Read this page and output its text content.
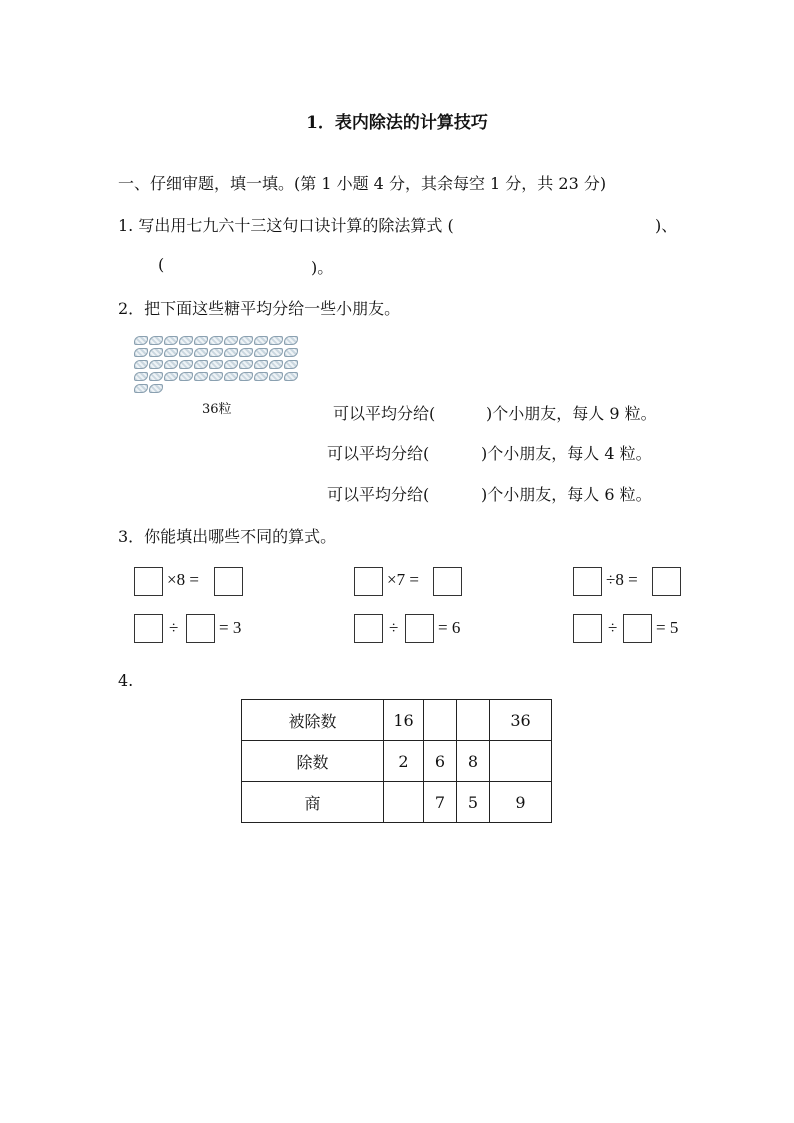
1．表内除法的计算技巧
一、仔细审题，填一填。(第 1 小题 4 分，其余每空 1 分，共 23 分)
1. 写出用七九六十三这句口诀计算的除法算式 (	)、
(	)。
2．把下面这些糖平均分给一些小朋友。
36粒	可以平均分给(	)个小朋友，每人 9 粒。
可以平均分给(	)个小朋友，每人 4 粒。
可以平均分给(	)个小朋友，每人 6 粒。
3．你能填出哪些不同的算式。
×8 =	×7 =	÷8 =
÷ = 3	÷ = 6	÷ = 5
4.
被除数	16			36
除数	2	6	8	
商		7	5	9
